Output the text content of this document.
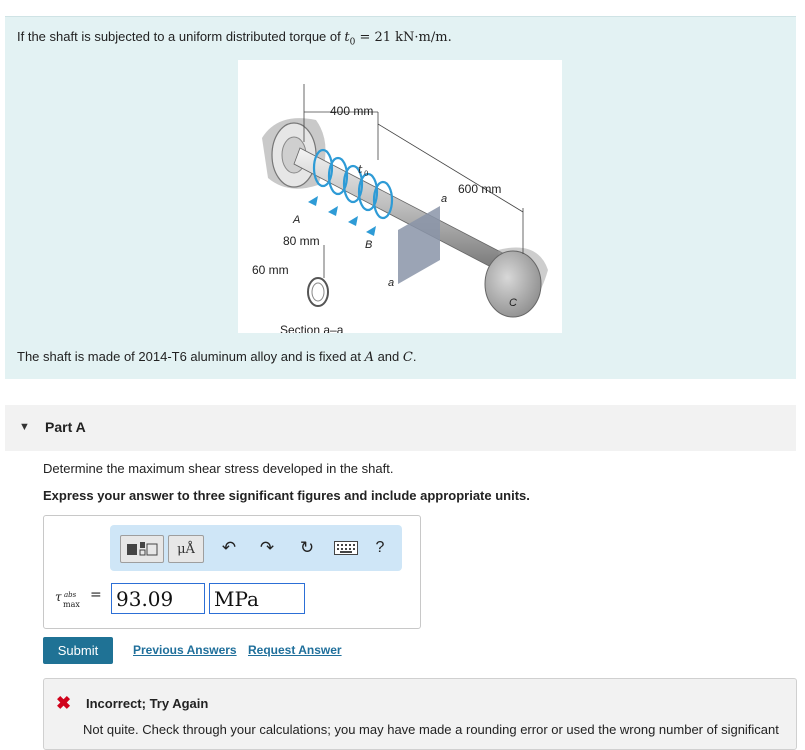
If the shaft is subjected to a uniform distributed torque of $t_0 = 21$ kN·m/m.
400 mm
600 mm
80 mm
60 mm
t 0
A
B
C
a
a
Section a–a
The shaft is made of 2014-T6 aluminum alloy and is fixed at A and C.
▼ Part A
Determine the maximum shear stress developed in the shaft.
Express your answer to three significant figures and include appropriate units.
μÅ	↶	↷	↻	?
τ abs
max
= 93.09	MPa
Submit	Previous Answers Request Answer
✖ Incorrect; Try Again
Not quite. Check through your calculations; you may have made a rounding error or used the wrong number of significant
